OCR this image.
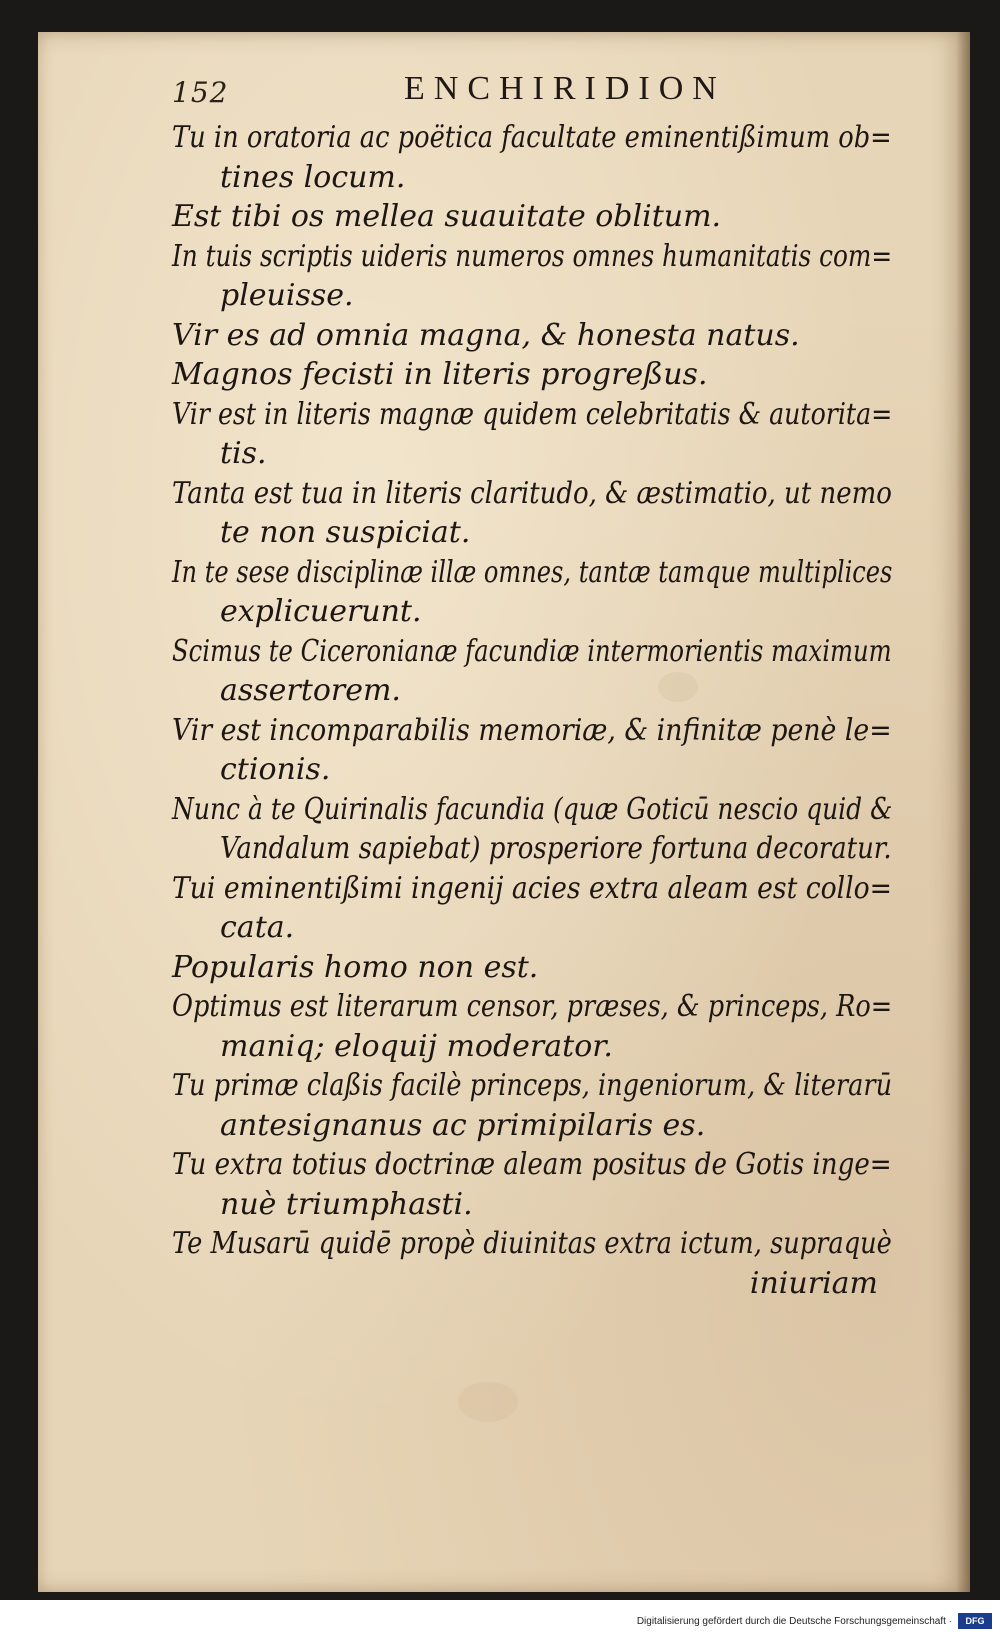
152	ENCHIRIDION

Tu in oratoria ac poëtica facultate eminentißimum ob=
tines locum.

Est tibi os mellea suauitate oblitum.

In tuis scriptis uideris numeros omnes humanitatis com=
pleuisse.

Vir es ad omnia magna, & honesta natus.

Magnos fecisti in literis progreßus.

Vir est in literis magnæ quidem celebritatis & autorita=
tis.

Tanta est tua in literis claritudo, & æstimatio, ut nemo
te non suspiciat.

In te sese disciplinæ illæ omnes, tantæ tamque multiplices
explicuerunt.

Scimus te Ciceronianæ facundiæ intermorientis maximum
assertorem.

Vir est incomparabilis memoriæ, & infinitæ penè le=
ctionis.

Nunc à te Quirinalis facundia (quæ Goticū nescio quid &
Vandalum sapiebat) prosperiore fortuna decoratur.

Tui eminentißimi ingenij acies extra aleam est collo=
cata.

Popularis homo non est.

Optimus est literarum censor, præses, & princeps, Ro=
maniq; eloquij moderator.

Tu primæ claßis facilè princeps, ingeniorum, & literarū
antesignanus ac primipilaris es.

Tu extra totius doctrinæ aleam positus de Gotis inge=
nuè triumphasti.

Te Musarū quidē propè diuinitas extra ictum, supraquè

iniuriam

Digitalisierung gefördert durch die Deutsche Forschungsgemeinschaft ·	DFG
